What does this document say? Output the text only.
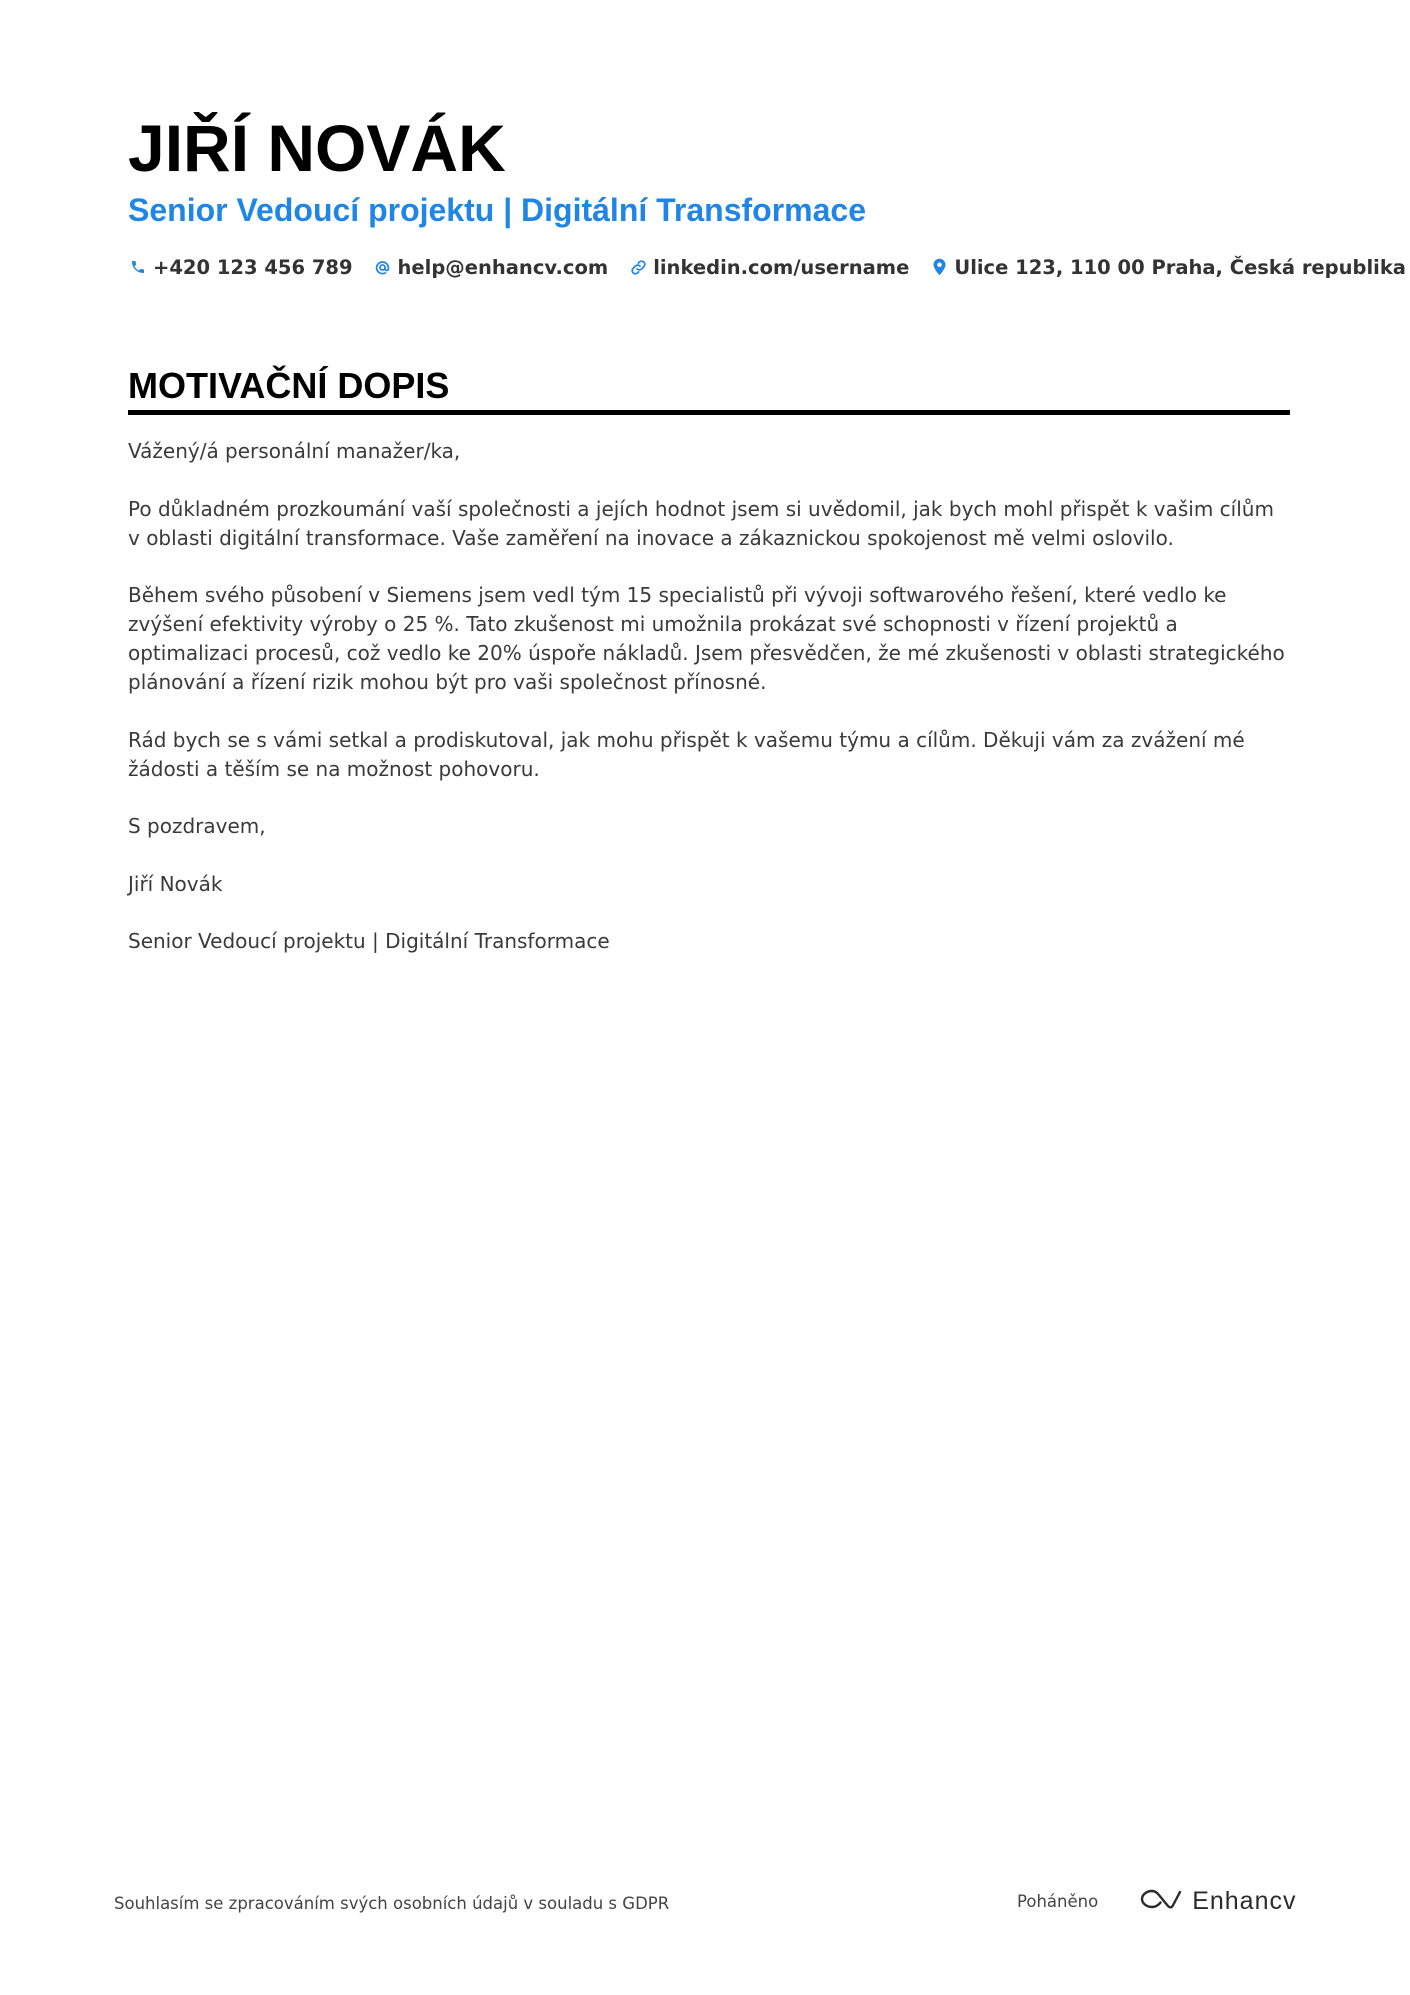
JIŘÍ NOVÁK
Senior Vedoucí projektu | Digitální Transformace
+420 123 456 789 help@enhancv.com linkedin.com/username Ulice 123, 110 00 Praha, Česká republika
MOTIVAČNÍ DOPIS

Vážený/á personální manažer/ka,

Po důkladném prozkoumání vaší společnosti a jejích hodnot jsem si uvědomil, jak bych mohl přispět k vašim cílům v oblasti digitální transformace. Vaše zaměření na inovace a zákaznickou spokojenost mě velmi oslovilo.

Během svého působení v Siemens jsem vedl tým 15 specialistů při vývoji softwarového řešení, které vedlo ke zvýšení efektivity výroby o 25 %. Tato zkušenost mi umožnila prokázat své schopnosti v řízení projektů a optimalizaci procesů, což vedlo ke 20% úspoře nákladů. Jsem přesvědčen, že mé zkušenosti v oblasti strategického plánování a řízení rizik mohou být pro vaši společnost přínosné.

Rád bych se s vámi setkal a prodiskutoval, jak mohu přispět k vašemu týmu a cílům. Děkuji vám za zvážení mé žádosti a těším se na možnost pohovoru.

S pozdravem,

Jiří Novák

Senior Vedoucí projektu | Digitální Transformace

Souhlasím se zpracováním svých osobních údajů v souladu s GDPR	Poháněno	Enhancv
